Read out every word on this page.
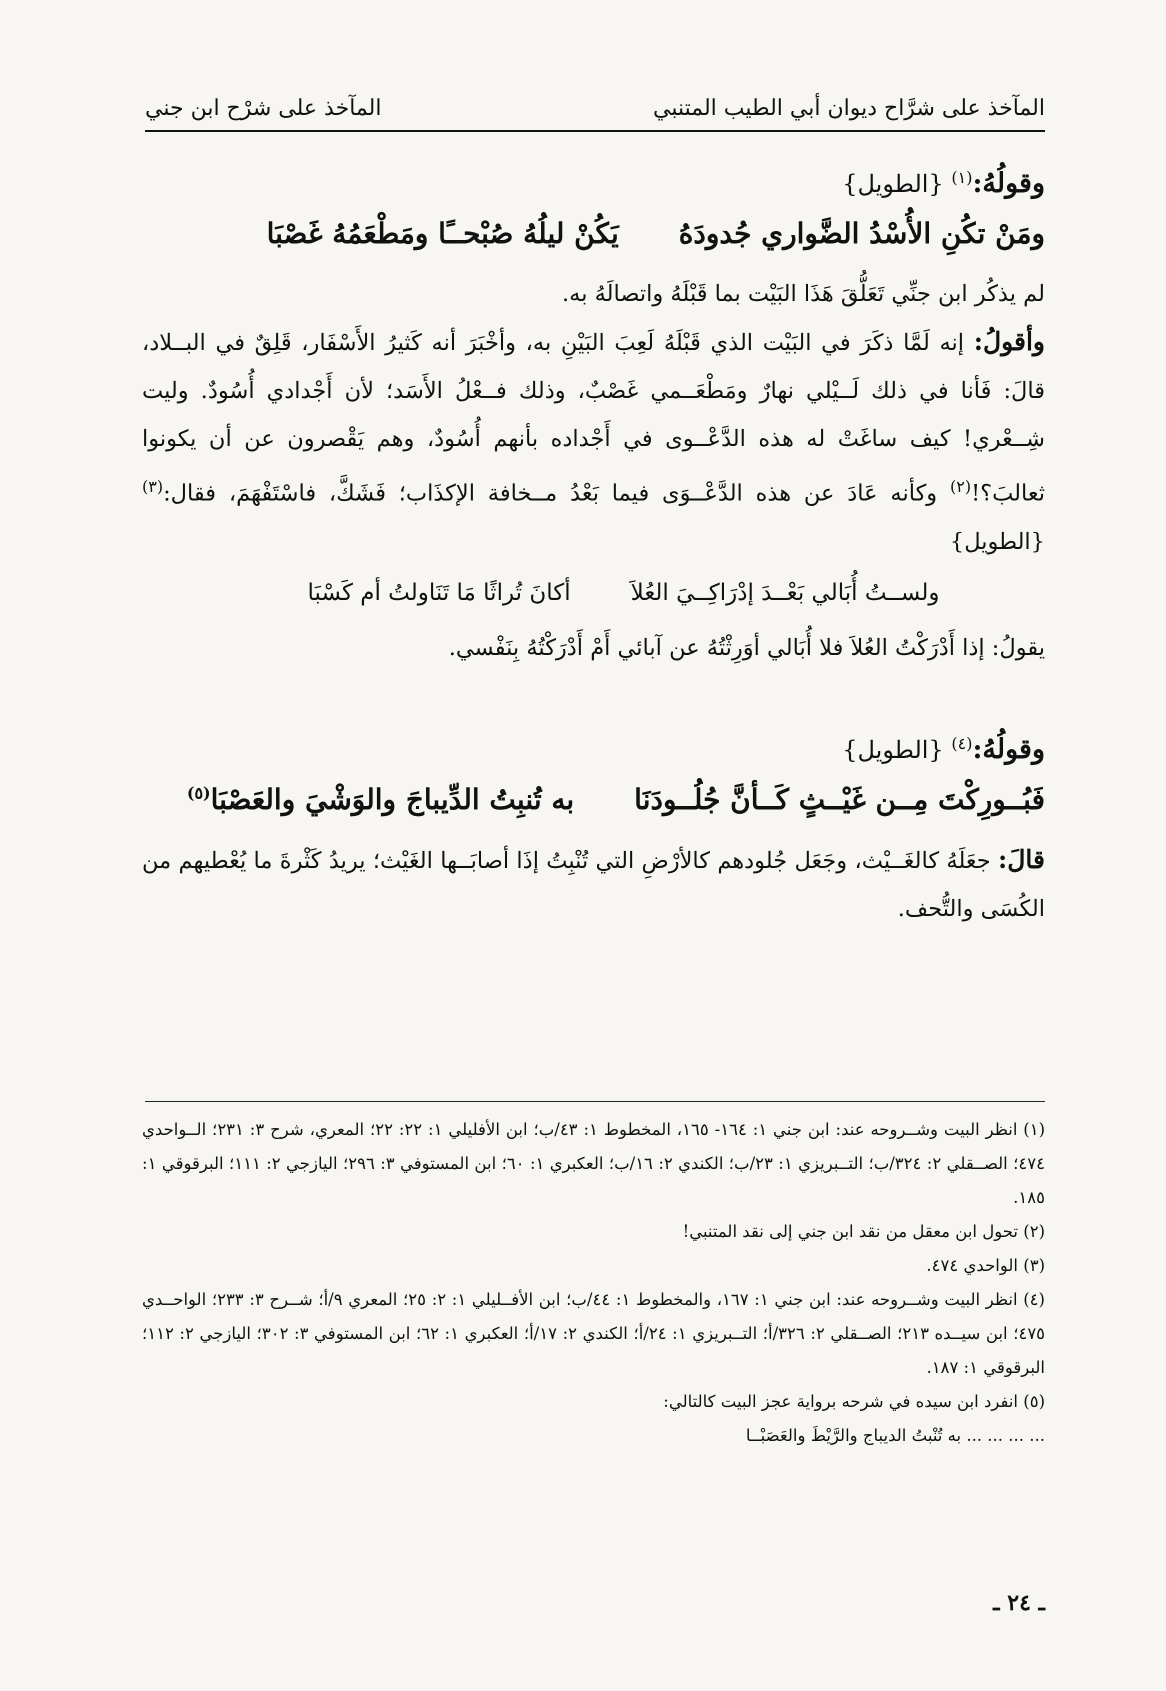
المآخذ على شرَّاح ديوان أبي الطيب المتنبي
المآخذ على شرْح ابن جني
وقولُهُ:$^{(١)}$ {الطويل}
ومَنْ تكُنِ الأُسْدُ الضَّواري جُدودَهُ
يَكُنْ ليلُهُ صُبْحــًا ومَطْعَمُهُ غَصْبَا

لم يذكُر ابن جنِّي تَعَلُّقَ هَذَا البَيْت بما قَبْلَهُ واتصالَهُ به.

وأقولُ: إنه لَمَّا ذكَرَ في البَيْت الذي قَبْلَهُ لَعِبَ البَيْنِ به، وأخْبَرَ أنه كَثيرُ الأَسْفَار، قَلِقٌ في البــلاد، قالَ: فَأنا في ذلك لَــيْلي نهارٌ ومَطْعَــمي غَصْبٌ، وذلك فــعْلُ الأَسَد؛ لأن أَجْدادي أُسُودٌ. وليت شِــعْري! كيف ساغَتْ له هذه الدَّعْــوى في أَجْداده بأنهم أُسُودٌ، وهم يَقْصرون عن أن يكونوا ثعالبَ؟!$^{(٢)}$ وكأنه عَادَ عن هذه الدَّعْــوَى فيما بَعْدُ مــخافة الإكذَاب؛ فَشَكَّ، فاسْتَفْهَمَ، فقال:$^{(٣)}$ {الطويل}

ولســتُ أُبَالي بَعْــدَ إدْرَاكِــيَ العُلاَ
أكانَ تُراثًا مَا تَنَاولتُ أم كَسْبَا

يقولُ: إذا أَدْرَكْتُ العُلاَ فلا أُبَالي أوَرِثْتُهُ عن آبائي أَمْ أَدْرَكْتُهُ بِنَفْسي.

وقولُهُ:$^{(٤)}$ {الطويل}
فَبُــورِكْتَ مِــن غَيْــثٍ كَــأنَّ جُلُــودَنَا
به تُنبِتُ الدِّيباجَ والوَشْيَ والعَصْبَا$^{(٥)}$

قالَ: جعَلَهُ كالغَــيْث، وجَعَل جُلودهم كالأرْضِ التي تُنْبِتُ إذَا أصابَــها الغَيْث؛ يريدُ كَثْرةَ ما يُعْطيهم من الكُسَى والتُّحف.

(١) انظر البيت وشــروحه عند: ابن جني ١: ١٦٤- ١٦٥، المخطوط ١: ٤٣/ب؛ ابن الأفليلي ١: ٢٢: ٢٢؛ المعري، شرح ٣: ٢٣١؛ الــواحدي ٤٧٤؛ الصــقلي ٢: ٣٢٤/ب؛ التــبريزي ١: ٢٣/ب؛ الكندي ٢: ١٦/ب؛ العكبري ١: ٦٠؛ ابن المستوفي ٣: ٢٩٦؛ اليازجي ٢: ١١١؛ البرقوقي ١: ١٨٥.

(٢) تحول ابن معقل من نقد ابن جني إلى نقد المتنبي!

(٣) الواحدي ٤٧٤.

(٤) انظر البيت وشــروحه عند: ابن جني ١: ١٦٧، والمخطوط ١: ٤٤/ب؛ ابن الأفــليلي ١: ٢: ٢٥؛ المعري ٩/أ؛ شــرح ٣: ٢٣٣؛ الواحــدي ٤٧٥؛ ابن سيــده ٢١٣؛ الصــقلي ٢: ٣٢٦/أ؛ التــبريزي ١: ٢٤/أ؛ الكندي ٢: ١٧/أ؛ العكبري ١: ٦٢؛ ابن المستوفي ٣: ٣٠٢؛ اليازجي ٢: ١١٢؛ البرقوقي ١: ١٨٧.

(٥) انفرد ابن سيده في شرحه برواية عجز البيت كالتالي:

... ... ... ... به تُنْبتُ الديباج والرَّيْطَ والعَصَبْــا

ـ ٢٤ ـ
